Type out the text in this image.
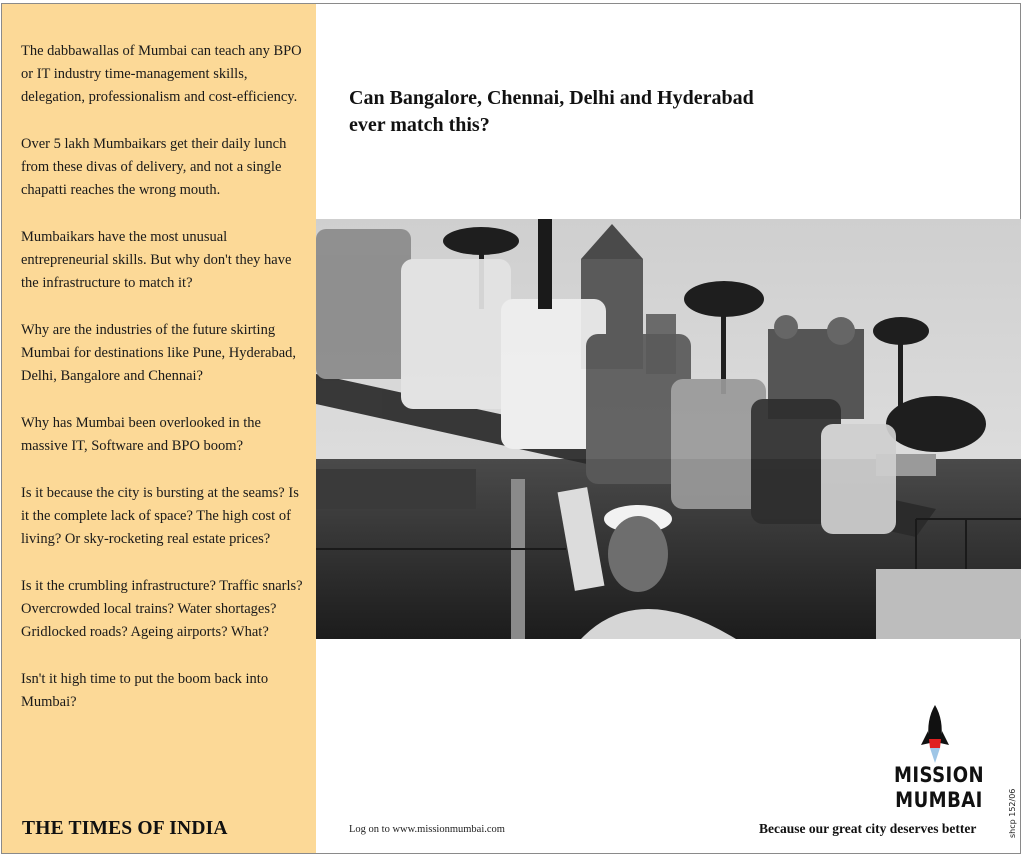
The dabbawallas of Mumbai can teach any BPO or IT industry time-management skills, delegation, professionalism and cost-efficiency.

Over 5 lakh Mumbaikars get their daily lunch from these divas of delivery, and not a single chapatti reaches the wrong mouth.

Mumbaikars have the most unusual entrepreneurial skills. But why don't they have the infrastructure to match it?

Why are the industries of the future skirting Mumbai for destinations like Pune, Hyderabad, Delhi, Bangalore and Chennai?

Why has Mumbai been overlooked in the massive IT, Software and BPO boom?

Is it because the city is bursting at the seams? Is it the complete lack of space? The high cost of living? Or sky-rocketing real estate prices?

Is it the crumbling infrastructure? Traffic snarls? Overcrowded local trains? Water shortages? Gridlocked roads? Ageing airports? What?

Isn't it high time to put the boom back into Mumbai?

THE TIMES OF INDIA
Can Bangalore, Chennai, Delhi and Hyderabad
ever match this?
Log on to www.missionmumbai.com	Because our great city deserves better
MISSION
MUMBAI	shcp 152/06
